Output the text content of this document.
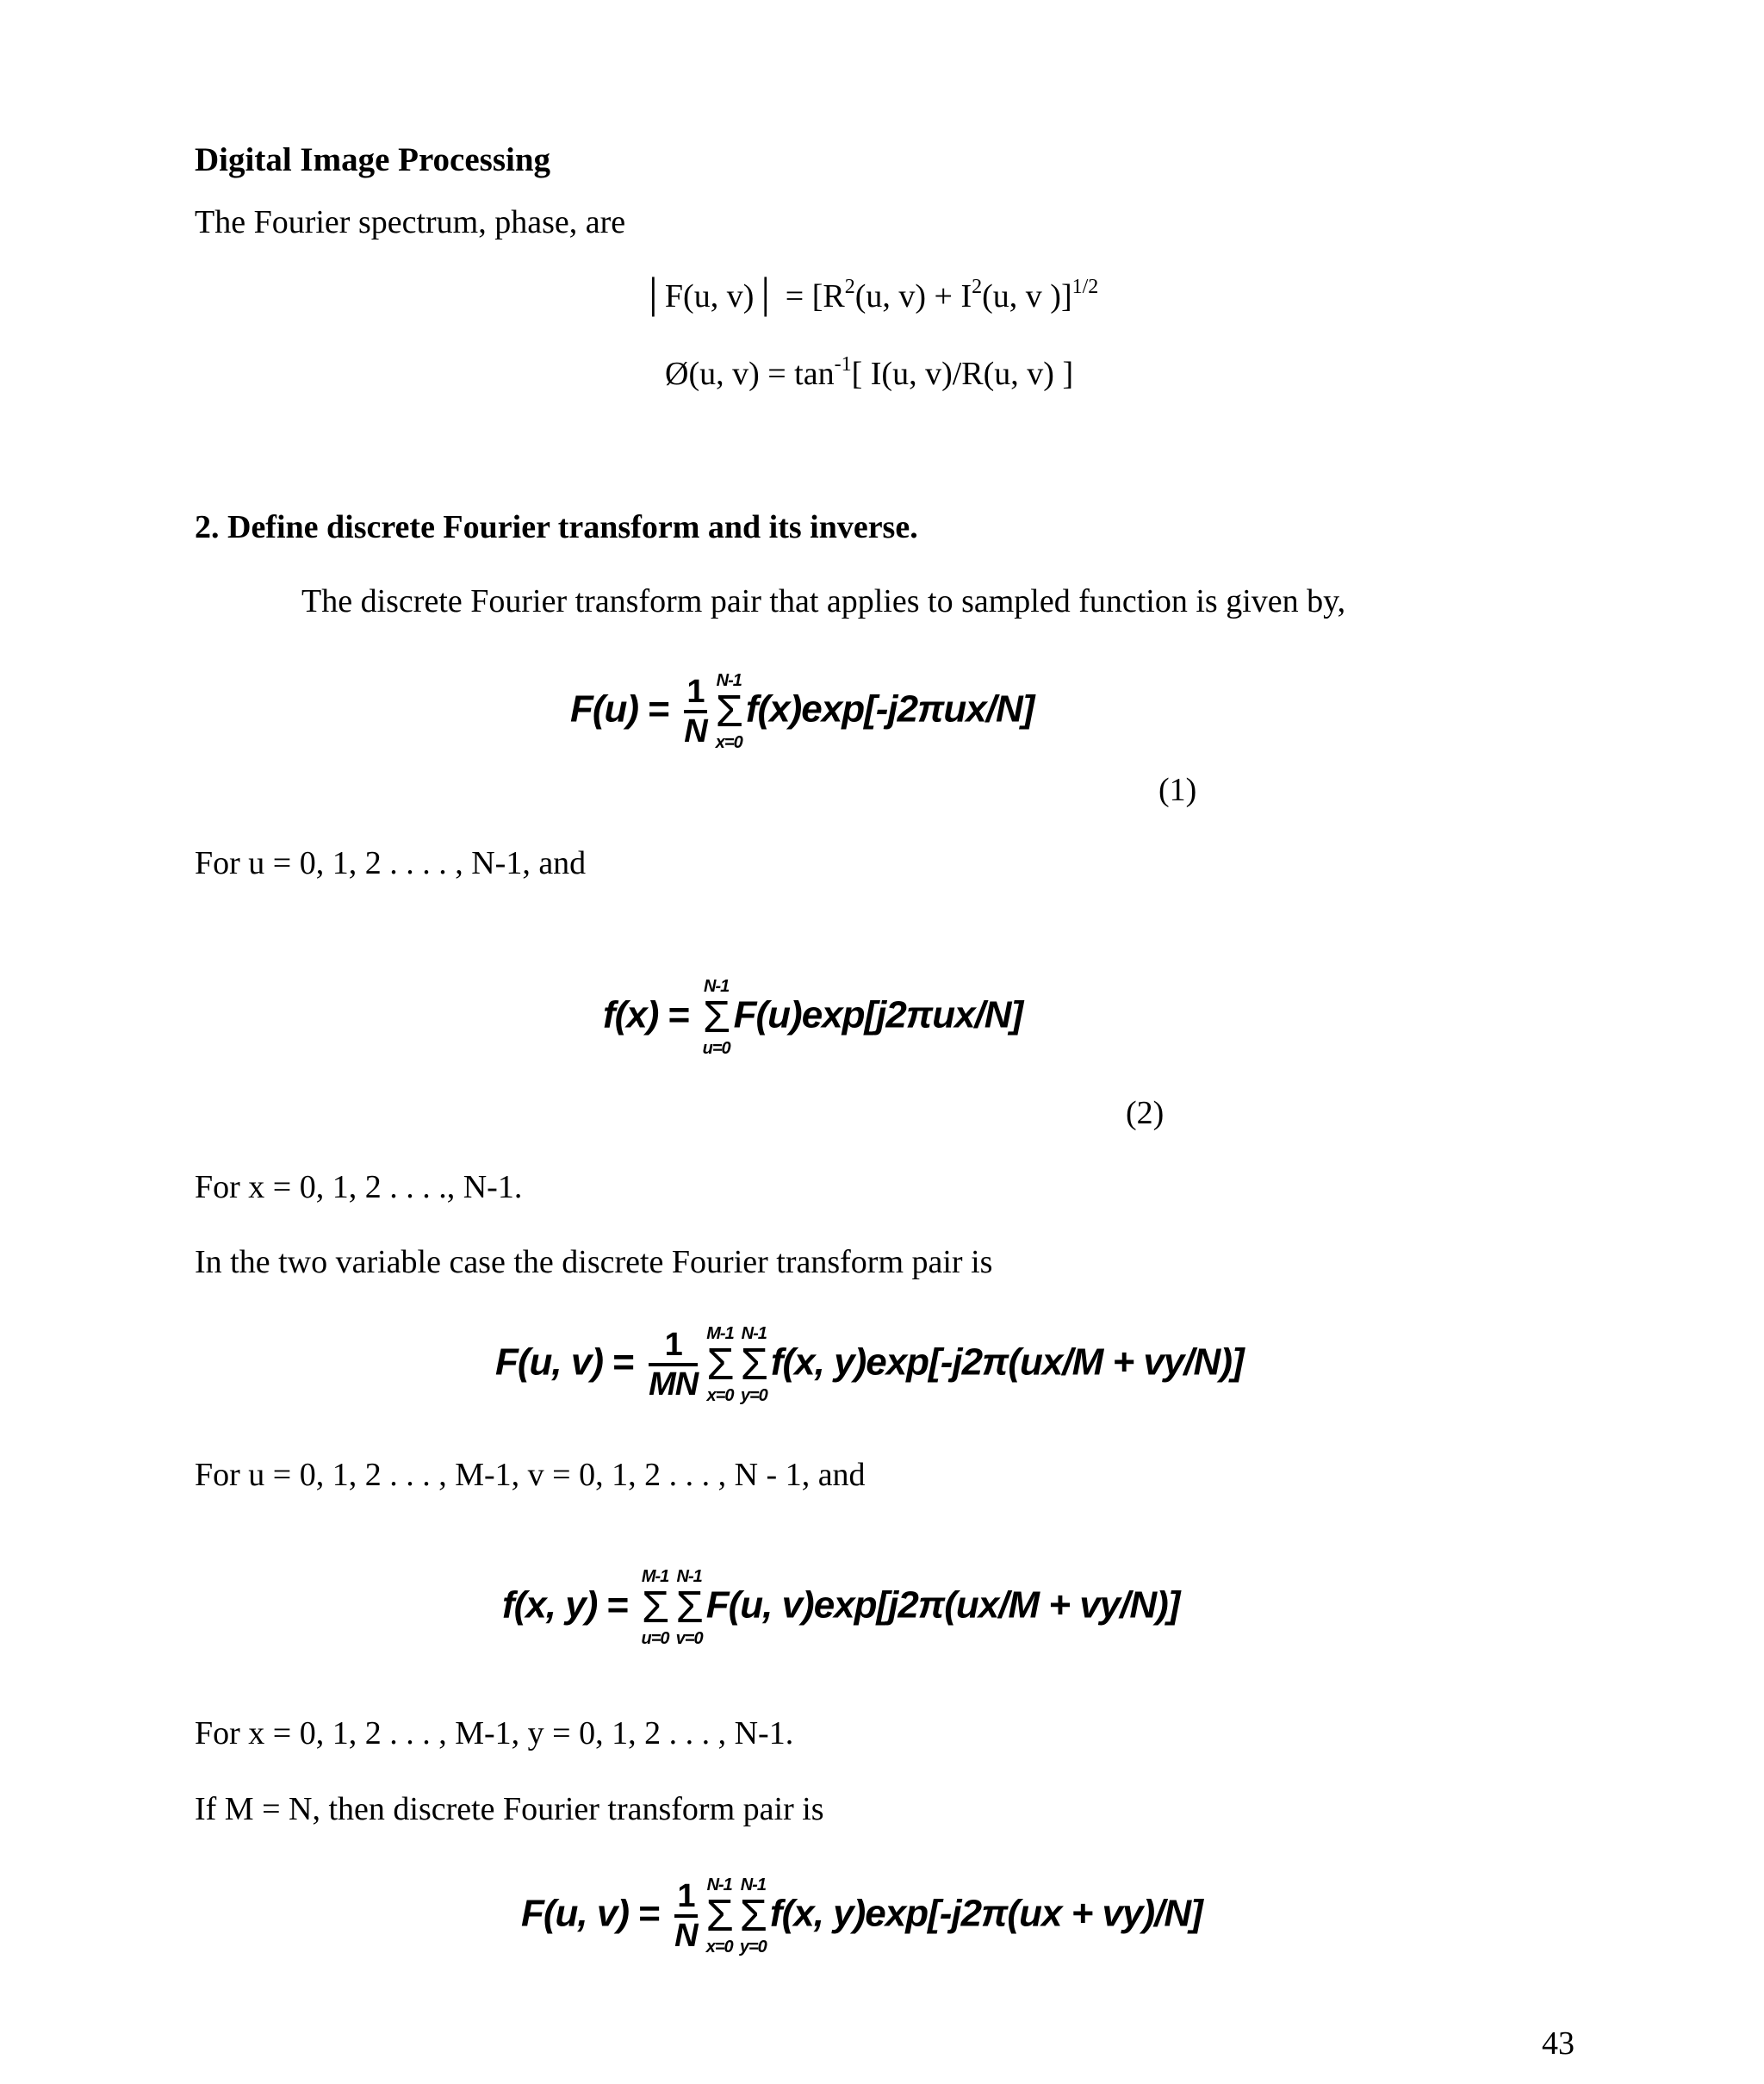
Digital Image Processing
The Fourier spectrum, phase, are
│F(u, v)│ = [$R^2(u$, $v) + I^2(u$, v )]$^{1/2}$
Ø(u, $v) = \tan^{-1}$[ I(u, v)/R(u, v) ]
2. Define discrete Fourier transform and its inverse.
The discrete Fourier transform pair that applies to sampled function is given by,
$F(u) = \frac{1}{N} N-1$
Σ
x=0
f(x)exp[-j2πux/N]
(1)
For u = 0, 1, 2 . . . . , N-1, and
f(x) =
N-1
Σ
u=0
F(u)exp[j2πux/N]
(2)
For x = 0, 1, 2 . . . ., N-1.
In the two variable case the discrete Fourier transform pair is
F(u, $v) = \frac{1}{MN} M-1$
Σ
x=0
N-1
Σ
y=0
f(x, y)exp[-j2π(ux/M + vy/N)]
For u = 0, 1, 2 . . . , M-1, v = 0, 1, 2 . . . , N - 1, and
f(x, y) =
M-1
Σ
u=0
N-1
Σ
v=0
F(u, v)exp[j2π(ux/M + vy/N)]
For x = 0, 1, 2 . . . , M-1, y = 0, 1, 2 . . . , N-1.
If M = N, then discrete Fourier transform pair is
F(u, $v) = \frac{1}{N} N-1$
Σ
x=0
N-1
Σ
y=0
f(x, y)exp[-j2π(ux + vy)/N]
43
